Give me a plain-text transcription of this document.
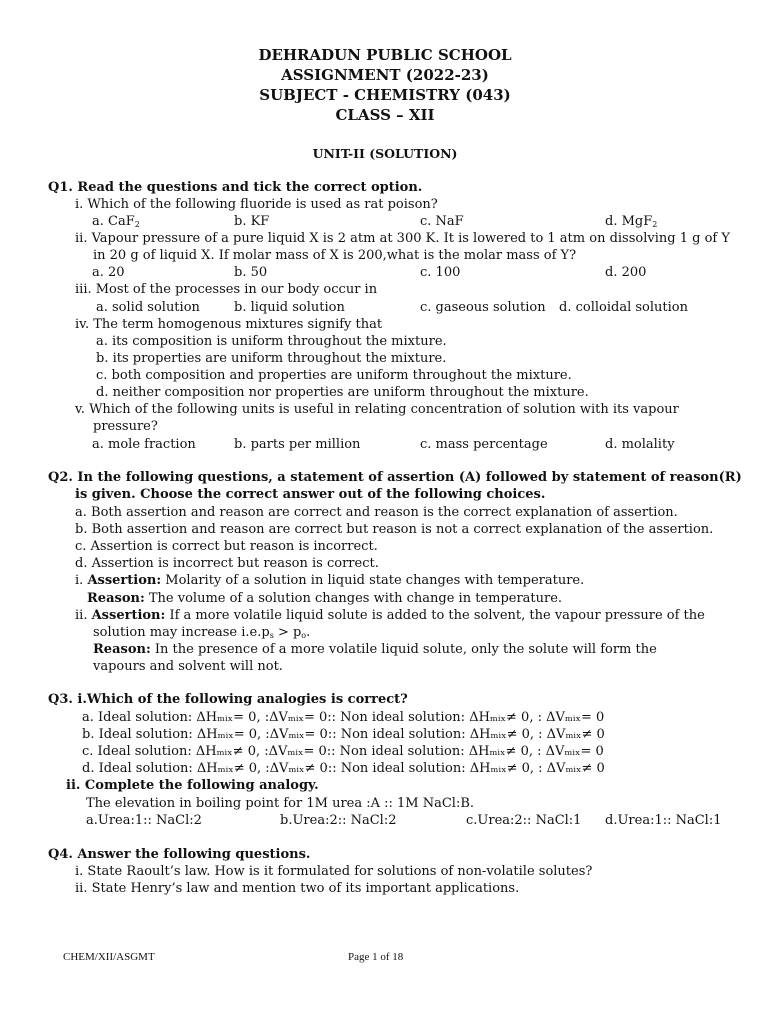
DEHRADUN PUBLIC SCHOOL
ASSIGNMENT (2022-23)
SUBJECT - CHEMISTRY (043)
CLASS – XII
UNIT-II (SOLUTION)
Q1. Read the questions and tick the correct option.
i. Which of the following fluoride is used as rat poison?
a. CaF$_2$	b. KF	c. NaF	d. MgF$_2$
ii. Vapour pressure of a pure liquid X is 2 atm at 300 K. It is lowered to 1 atm on dissolving 1 g of Y
in 20 g of liquid X. If molar mass of X is 200,what is the molar mass of Y?
a. 20	b. 50	c. 100	d. 200
iii. Most of the processes in our body occur in
a. solid solution	b. liquid solution	c. gaseous solution d. colloidal solution
iv. The term homogenous mixtures signify that
a. its composition is uniform throughout the mixture.
b. its properties are uniform throughout the mixture.
c. both composition and properties are uniform throughout the mixture.
d. neither composition nor properties are uniform throughout the mixture.
v. Which of the following units is useful in relating concentration of solution with its vapour
pressure?
a. mole fraction	b. parts per million	c. mass percentage	d. molality
Q2. In the following questions, a statement of assertion (A) followed by statement of reason(R)
is given. Choose the correct answer out of the following choices.
a. Both assertion and reason are correct and reason is the correct explanation of assertion.
b. Both assertion and reason are correct but reason is not a correct explanation of the assertion.
c. Assertion is correct but reason is incorrect.
d. Assertion is incorrect but reason is correct.
i. Assertion: Molarity of a solution in liquid state changes with temperature.
Reason: The volume of a solution changes with change in temperature.
ii. Assertion: If a more volatile liquid solute is added to the solvent, the vapour pressure of the
solution may increase $i.e.p_s > p_o$.
Reason: In the presence of a more volatile liquid solute, only the solute will form the
vapours and solvent will not.
Q3. i.Which of the following analogies is correct?
a. Ideal solution: ΔHₘᵢₓ= 0, :ΔVₘᵢₓ= 0:: Non ideal solution: ΔHₘᵢₓ≠ 0, : ΔVₘᵢₓ= 0
b. Ideal solution: ΔHₘᵢₓ= 0, :ΔVₘᵢₓ= 0:: Non ideal solution: ΔHₘᵢₓ≠ 0, : ΔVₘᵢₓ≠ 0
c. Ideal solution: ΔHₘᵢₓ≠ 0, :ΔVₘᵢₓ= 0:: Non ideal solution: ΔHₘᵢₓ≠ 0, : ΔVₘᵢₓ= 0
d. Ideal solution: ΔHₘᵢₓ≠ 0, :ΔVₘᵢₓ≠ 0:: Non ideal solution: ΔHₘᵢₓ≠ 0, : ΔVₘᵢₓ≠ 0
ii. Complete the following analogy.
The elevation in boiling point for 1M urea :A :: 1M NaCl:B.
a.Urea:1:: NaCl:2	b.Urea:2:: NaCl:2	c.Urea:2:: NaCl:1 d.Urea:1:: NaCl:1
Q4. Answer the following questions.
i. State Raoult’s law. How is it formulated for solutions of non-volatile solutes?
ii. State Henry’s law and mention two of its important applications.
CHEM/XII/ASGMT	Page 1 of 18
